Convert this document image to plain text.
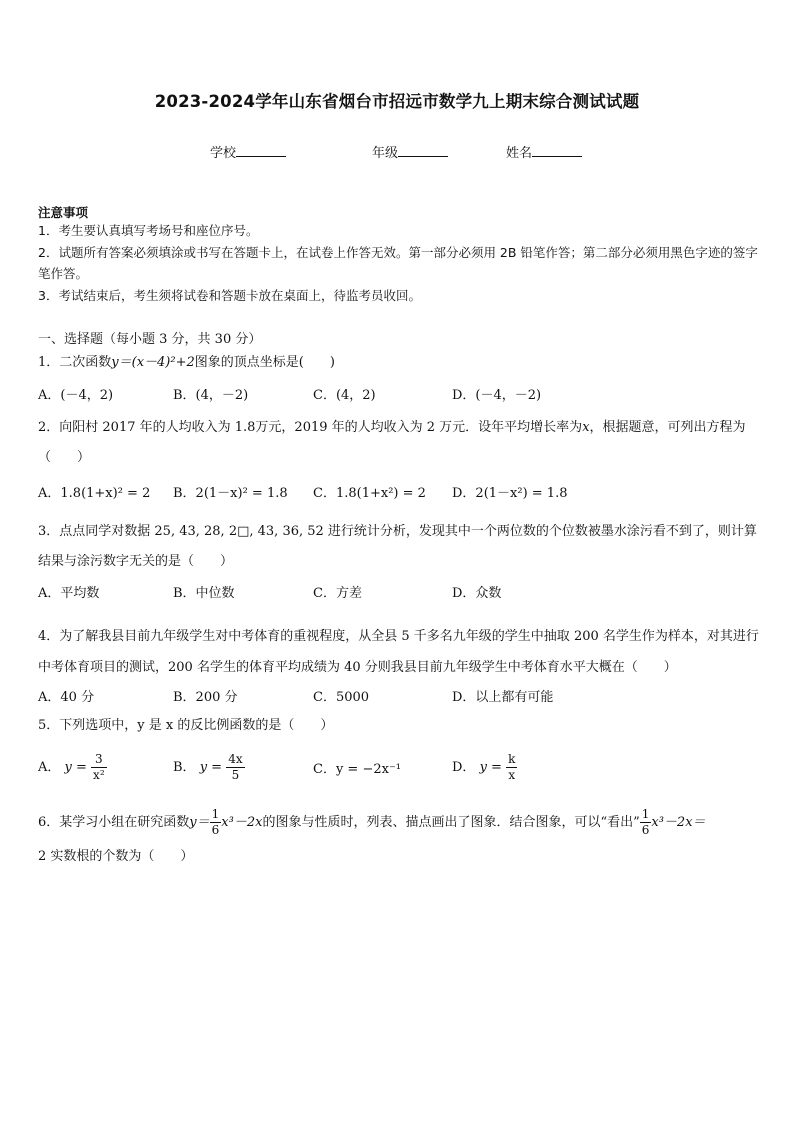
2023-2024学年山东省烟台市招远市数学九上期末综合测试试题
学校	年级	姓名
注意事项
1．考生要认真填写考场号和座位序号。
2．试题所有答案必须填涂或书写在答题卡上，在试卷上作答无效。第一部分必须用 2B 铅笔作答；第二部分必须用黑色字迹的签字笔作答。
3．考试结束后，考生须将试卷和答题卡放在桌面上，待监考员收回。
一、选择题（每小题 3 分，共 30 分）
1．二次函数y＝(x－4)²+2图象的顶点坐标是(　　)
A．(－4，2)	B．(4，－2)	C．(4，2)	D．(－4，－2)
2．向阳村 2017 年的人均收入为 1.8万元，2019 年的人均收入为 2 万元．设年平均增长率为x，根据题意，可列出方程为（　　）
A．1.8(1+x)² = 2 B．2(1－x)² = 1.8 C．1.8(1+x²) = 2 D．2(1－x²) = 1.8
3．点点同学对数据 25, 43, 28, 2□, 43, 36, 52 进行统计分析，发现其中一个两位数的个位数被墨水涂污看不到了，则计算结果与涂污数字无关的是（　　）
A．平均数	B．中位数	C．方差	D．众数
4．为了解我县目前九年级学生对中考体育的重视程度，从全县 5 千多名九年级的学生中抽取 200 名学生作为样本，对其进行中考体育项目的测试，200 名学生的体育平均成绩为 40 分则我县目前九年级学生中考体育水平大概在（　　）
A．40 分	B．200 分	C．5000	D．以上都有可能
5．下列选项中，y 是 x 的反比例函数的是（　　）
A． $y = \frac{3}{\text{x²}}$	B． $y = \frac{4x}{5}$	C．y = −2x⁻¹	D． $y = \frac{k}{x}$
6．某学习小组在研究函数$y= \frac{1}{6} x^3-2x$的图象与性质时，列表、描点画出了图象．结合图象，可以“看出” $\frac{1}{6} x^3-2x=$
2 实数根的个数为（　　）
